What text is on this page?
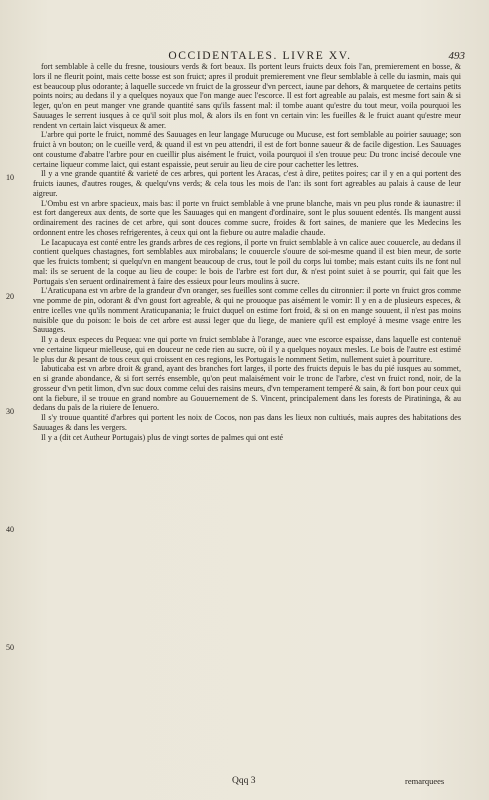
OCCIDENTALES. LIVRE XV.	493

fort semblable à celle du fresne, tousiours verds & fort beaux. Ils portent leurs fruicts deux fois l'an, premierement en bosse, & lors il ne fleurit point, mais cette bosse est son fruict; apres il produit premierement vne fleur semblable à celle du iasmin, mais qui est beaucoup plus odorante; à laquelle succede vn fruict de la grosseur d'vn percect, iaune par dehors, & marquetee de certains petits points noirs; au dedans il y a quelques noyaux que l'on mange auec l'escorce. Il est fort agreable au palais, est mesme fort sain & si leger, qu'on en peut manger vne grande quantité sans qu'ils fassent mal: il tombe auant qu'estre du tout meur, voila pourquoi les Sauuages le serrent iusques à ce qu'il soit plus mol, & alors ils en font vn certain vin: les fueilles & le fruict auant qu'estre meur rendent vn certain laict visqueux & amer.

L'arbre qui porte le fruict, nommé des Sauuages en leur langage Murucuge ou Mucuse, est fort semblable au poirier sauuage; son fruict à vn bouton; on le cueille verd, & quand il est vn peu attendri, il est de fort bonne saueur & de facile digestion. Les Sauuages ont coustume d'abatre l'arbre pour en cueillir plus aisément le fruict, voila pourquoi il s'en trouue peu: Du tronc incisé decoule vne certaine liqueur comme laict, qui estant espaissie, peut seruir au lieu de cire pour cachetter les lettres.

Il y a vne grande quantité & varieté de ces arbres, qui portent les Aracas, c'est à dire, petites poires; car il y en a qui portent des fruicts iaunes, d'autres rouges, & quelqu'vns verds; & cela tous les mois de l'an: ils sont fort agreables au palais à cause de leur aigreur.

L'Ombu est vn arbre spacieux, mais bas: il porte vn fruict semblable à vne prune blanche, mais vn peu plus ronde & iaunastre: il est fort dangereux aux dents, de sorte que les Sauuages qui en mangent d'ordinaire, sont le plus souuent edentés. Ils mangent aussi ordinairement des racines de cet arbre, qui sont douces comme sucre, froides & fort saines, de maniere que les Medecins les ordonnent entre les choses refrigerentes, à ceux qui ont la fiebure ou autre maladie chaude.

Le Iacapucaya est conté entre les grands arbres de ces regions, il porte vn fruict semblable à vn calice auec couuercle, au dedans il contient quelques chastagnes, fort semblables aux mirobalans; le couuercle s'ouure de soi-mesme quand il est bien meur, de sorte que les fruicts tombent; si quelqu'vn en mangent beaucoup de crus, tout le poil du corps lui tombe; mais estant cuits ils ne font nul mal: ils se seruent de la coque au lieu de coupe: le bois de l'arbre est fort dur, & n'est point suiet à se pourrir, qui fait que les Portugais s'en seruent ordinairement à faire des essieux pour leurs moulins à sucre.

L'Araticupana est vn arbre de la grandeur d'vn oranger, ses fueilles sont comme celles du citronnier: il porte vn fruict gros comme vne pomme de pin, odorant & d'vn goust fort agreable, & qui ne prouoque pas aisément le vomir: Il y en a de plusieurs especes, & entre icelles vne qu'ils nomment Araticupanania; le fruict duquel on estime fort froid, & si on en mange souuent, il n'est pas moins nuisible que du poison: le bois de cet arbre est aussi leger que du liege, de maniere qu'il est employé à mesme vsage entre les Sauuages.

Il y a deux especes du Pequea: vne qui porte vn fruict semblabe à l'orange, auec vne escorce espaisse, dans laquelle est contenuë vne certaine liqueur mielleuse, qui en douceur ne cede rien au sucre, où il y a quelques noyaux mesles. Le bois de l'autre est estimé le plus dur & pesant de tous ceux qui croissent en ces regions, les Portugais le nomment Setim, nullement suiet à pourriture.

Iabuticaba est vn arbre droit & grand, ayant des branches fort larges, il porte des fruicts depuis le bas du pié iusques au sommet, en si grande abondance, & si fort serrés ensemble, qu'on peut malaisément voir le tronc de l'arbre, c'est vn fruict rond, noir, de la grosseur d'vn petit limon, d'vn suc doux comme celui des raisins meurs, d'vn temperament temperé & sain, & fort bon pour ceux qui ont la fiebure, il se trouue en grand nombre au Gouuernement de S. Vincent, principalement dans les forests de Piratininga, & au dedans du païs de la riuiere de Ienuero.

Il s'y trouue quantité d'arbres qui portent les noix de Cocos, non pas dans les lieux non cultiués, mais aupres des habitations des Sauuages & dans les vergers.

Il y a (dit cet Autheur Portugais) plus de vingt sortes de palmes qui ont esté

10
20
30
40
50
Qqq 3	remarquees
